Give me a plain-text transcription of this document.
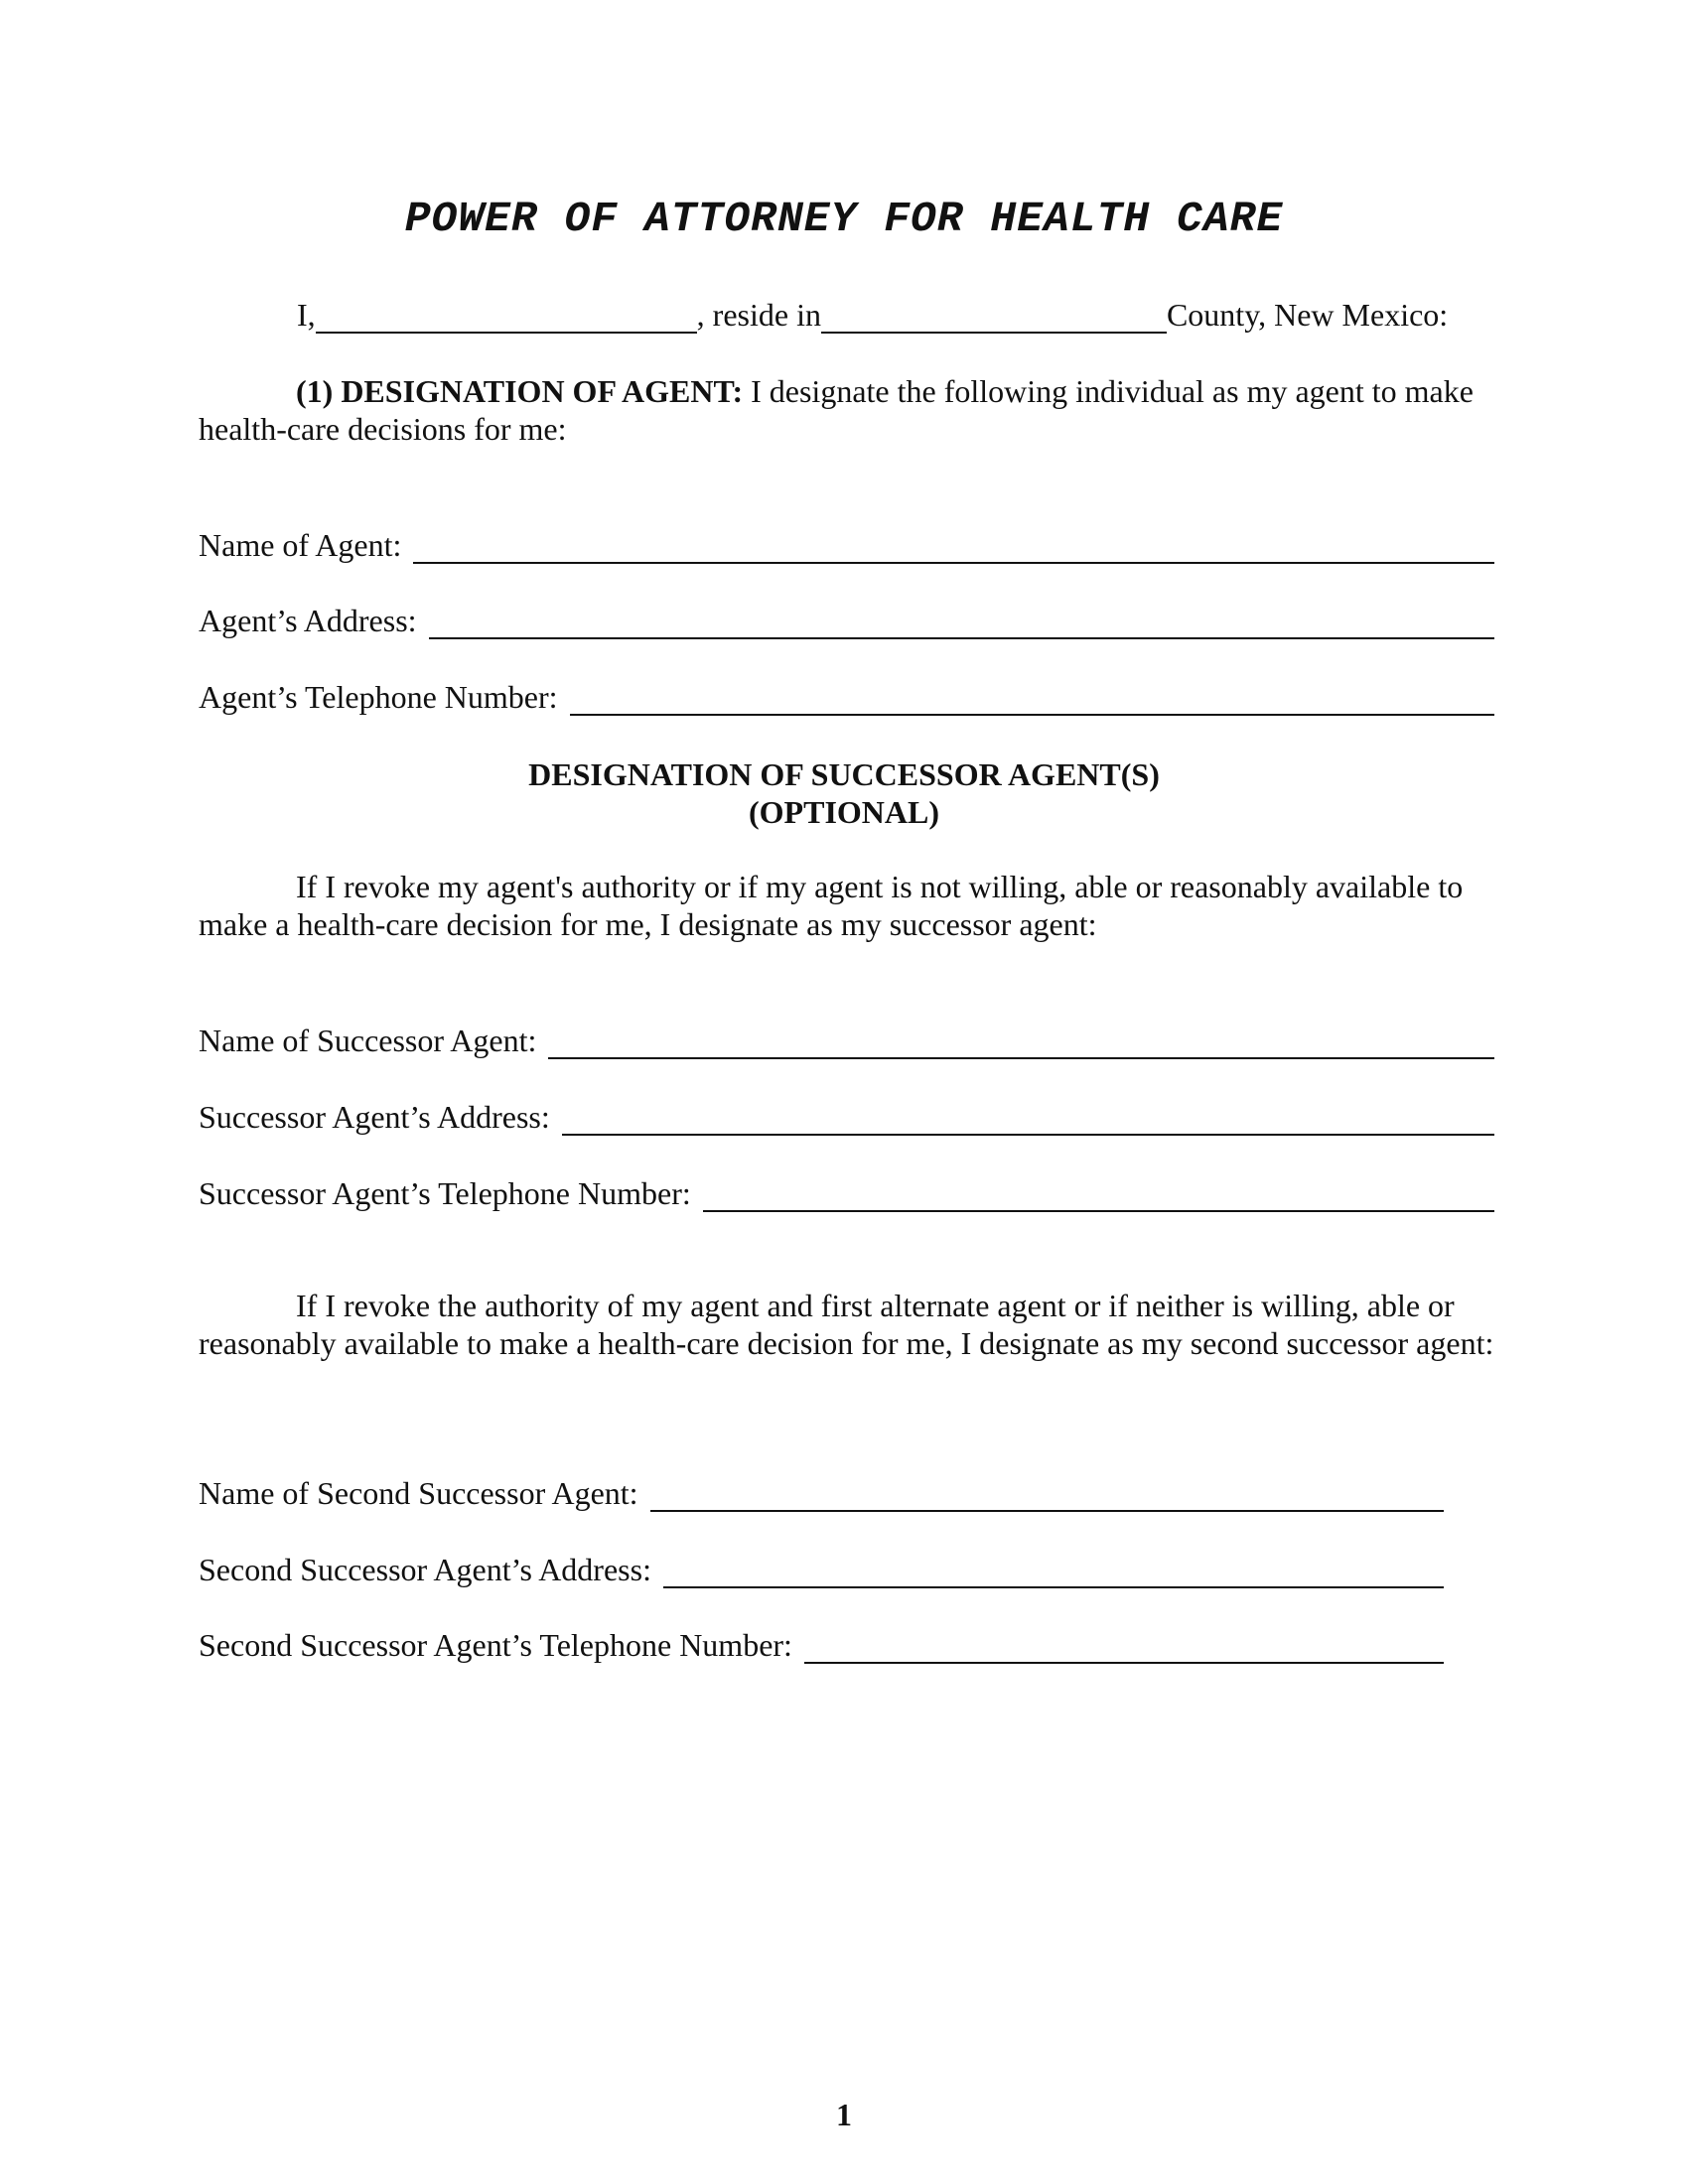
POWER OF ATTORNEY FOR HEALTH CARE
I,	, reside in	County, New Mexico:

(1) DESIGNATION OF AGENT: I designate the following individual as my agent to make health-care decisions for me:

Name of Agent:
Agent’s Address:
Agent’s Telephone Number:

DESIGNATION OF SUCCESSOR AGENT(S)

(OPTIONAL)

If I revoke my agent's authority or if my agent is not willing, able or reasonably available to make a health-care decision for me, I designate as my successor agent:

Name of Successor Agent:
Successor Agent’s Address:
Successor Agent’s Telephone Number:

If I revoke the authority of my agent and first alternate agent or if neither is willing, able or reasonably available to make a health-care decision for me, I designate as my second successor agent:

Name of Second Successor Agent:
Second Successor Agent’s Address:
Second Successor Agent’s Telephone Number:
1
